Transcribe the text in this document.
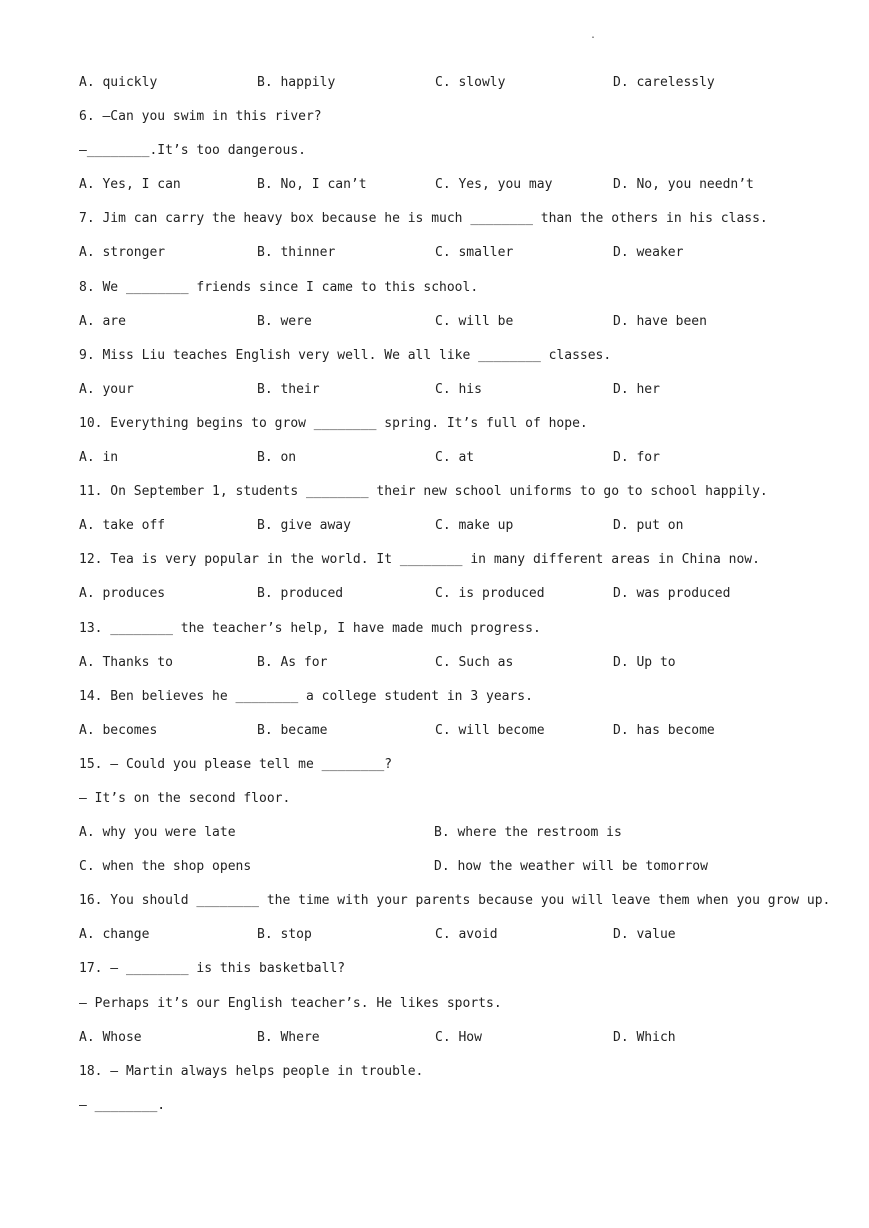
.
A. quickly	B. happily	C. slowly	D. carelessly
6. —Can you swim in this river?
—________.It’s too dangerous.
A. Yes, I can	B. No, I can’t	C. Yes, you may	D. No, you needn’t
7. Jim can carry the heavy box because he is much ________ than the others in his class.
A. stronger	B. thinner	C. smaller	D. weaker
8. We ________ friends since I came to this school.
A. are	B. were	C. will be	D. have been
9. Miss Liu teaches English very well. We all like ________ classes.
A. your	B. their	C. his	D. her
10. Everything begins to grow ________ spring. It’s full of hope.
A. in	B. on	C. at	D. for
11. On September 1, students ________ their new school uniforms to go to school happily.
A. take off	B. give away	C. make up	D. put on
12. Tea is very popular in the world. It ________ in many different areas in China now.
A. produces	B. produced	C. is produced	D. was produced
13. ________ the teacher’s help, I have made much progress.
A. Thanks to	B. As for	C. Such as	D. Up to
14. Ben believes he ________ a college student in 3 years.
A. becomes	B. became	C. will become	D. has become
15. — Could you please tell me ________?
— It’s on the second floor.
A. why you were late	B. where the restroom is
C. when the shop opens	D. how the weather will be tomorrow
16. You should ________ the time with your parents because you will leave them when you grow up.
A. change	B. stop	C. avoid	D. value
17. — ________ is this basketball?
— Perhaps it’s our English teacher’s. He likes sports.
A. Whose	B. Where	C. How	D. Which
18. — Martin always helps people in trouble.
— ________.
